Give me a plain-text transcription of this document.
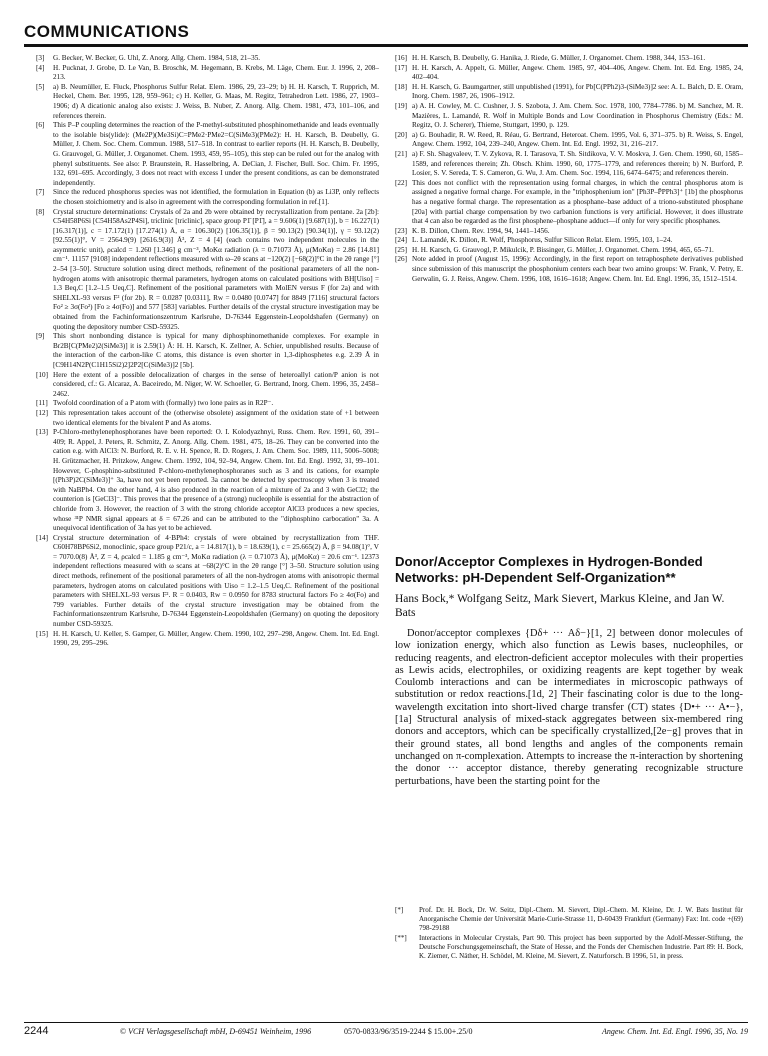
COMMUNICATIONS

[3] G. Becker, W. Becker, G. Uhl, Z. Anorg. Allg. Chem. 1984, 518, 21–35.

[4] H. Pucknat, J. Grobe, D. Le Van, B. Broschk, M. Hegemann, B. Krebs, M. Läge, Chem. Eur. J. 1996, 2, 208–213.

[5] a) B. Neumüller, E. Fluck, Phosphorus Sulfur Relat. Elem. 1986, 29, 23–29; b) H. H. Karsch, T. Rupprich, M. Heckel, Chem. Ber. 1995, 128, 959–961; c) H. Keller, G. Maas, M. Regitz, Tetrahedron Lett. 1986, 27, 1903–1906; d) A dicationic analog also exists: J. Weiss, B. Nuber, Z. Anorg. Allg. Chem. 1981, 473, 101–106, and references therein.

[6] This P–P coupling determines the reaction of the P-methyl-substituted phosphinomethanide and leads eventually to the isolable bis(ylide): (Me2P)(Me3Si)C=PMe2·PMe2=C(SiMe3)(PMe2): H. H. Karsch, B. Deubelly, G. Müller, J. Chem. Soc. Chem. Commun. 1988, 517–518. In contrast to earlier reports (H. H. Karsch, B. Deubelly, G. Grauvogel, G. Müller, J. Organomet. Chem. 1993, 459, 95–105), this step can be ruled out for the analog with phenyl substituents. See also: P. Braunstein, R. Hasselbring, A. DeCian, J. Fischer, Bull. Soc. Chim. Fr. 1995, 132, 691–695. Accordingly, 3 does not react with excess I under the present conditions, as can be demonstrated independently.

[7] Since the reduced phosphorus species was not identified, the formulation in Equation (b) as Li3P, only reflects the chosen stoichiometry and is also in agreement with the corresponding formulation in ref.[1].

[8] Crystal structure determinations: Crystals of 2a and 2b were obtained by recrystallization from pentane. 2a [2b]: C54H58P6Si [C54H58As2P4Si], triclinic [triclinic], space group P1̄ [P1̄], a = 9.606(1) [9.687(1)], b = 16.227(1) [16.317(1)], c = 17.172(1) [17.274(1) Å, α = 106.30(2) [106.35(1)], β = 90.13(2) [90.34(1)], γ = 93.12(2) [92.55(1)]°, V = 2564.9(9) [2616.9(3)] Å³, Z = 4 [4] (each contains two independent molecules in the asymmetric unit), ρcalcd = 1.260 [1.346] g cm⁻³, MoKα radiation (λ = 0.71073 Å), μ(MoKα) = 2.86 [14.81] cm⁻¹. 11157 [9108] independent reflections measured with ω–2θ scans at −120(2) [−68(2)]°C in the 2θ range [°] 2–54 [3–50]. Structure solution using direct methods, refinement of the positional parameters of all the non-hydrogen atoms with anisotropic thermal parameters, hydrogen atoms on calculated positions with BH[Uiso] = 1.3 Beq,C [1.2–1.5 Ueq,C]. Refinement of the positional parameters with MolEN versus F (for 2a) and with SHELXL-93 versus F² (for 2b). R = 0.0287 [0.0311], Rw = 0.0480 [0.0747] for 8849 [7116] structural factors Fo² ≥ 3σ(Fo²) [Fo ≥ 4σ(Fo)] and 577 [583] variables. Further details of the crystal structure investigation may be obtained from the Fachinformationszentrum Karlsruhe, D-76344 Eggenstein-Leopoldshafen (Germany) on quoting the depository number CSD-59325.

[9] This short nonbonding distance is typical for many diphosphinomethanide complexes. For example in Br2B[C(PMe2)2(SiMe3)] it is 2.59(1) Å: H. H. Karsch, K. Zellner, A. Schier, unpublished results. Because of the interaction of the carbon-like C atoms, this distance is even shorter in 1,3-diphosphetes e.g. 2.39 Å in [C9H14N2P(C1H15Si2)2]2P2[C(SiMe3)]2 [5b].

[10] Here the extent of a possible delocalization of charges in the sense of heteroallyl cation/P anion is not considered, cf.: G. Alcaraz, A. Baceiredo, M. Niger, W. W. Schoeller, G. Bertrand, Inorg. Chem. 1996, 35, 2458–2462.

[11] Twofold coordination of a P atom with (formally) two lone pairs as in R2P⁻.

[12] This representation takes account of the (otherwise obsolete) assignment of the oxidation state of +1 between two identical elements for the bivalent P and As atoms.

[13] P-Chloro-methylenephosphoranes have been reported: O. I. Kolodyazhnyi, Russ. Chem. Rev. 1991, 60, 391–409; R. Appel, J. Peters, R. Schmitz, Z. Anorg. Allg. Chem. 1981, 475, 18–26. They can be converted into the cation e.g. with AlCl3: N. Burford, R. E. v. H. Spence, R. D. Rogers, J. Am. Chem. Soc. 1989, 111, 5006–5008; H. Grützmacher, H. Pritzkow, Angew. Chem. 1992, 104, 92–94, Angew. Chem. Int. Ed. Engl. 1992, 31, 99–101. However, C-phosphino-substituted P-chloro-methylenephosphoranes such as 3 and its cations, for example [(Ph3P)2C(SiMe3)]⁺ 3a, have not yet been reported. 3a cannot be detected by spectroscopy when 3 is treated with NaBPh4. On the other hand, 4 is also produced in the reaction of a mixture of 2a and 3 with GeCl2; the counterion is [GeCl3]⁻. This proves that the presence of a (strong) nucleophile is essential for the abstraction of chloride from 3. However, the reaction of 3 with the strong chloride acceptor AlCl3 produces a new species, whose ³¹P NMR signal appears at δ = 67.26 and can be attributed to the "diphosphino carbocation" 3a. A unequivocal identification of 3a has yet to be achieved.

[14] Crystal structure determination of 4·BPh4: crystals of were obtained by recrystallization from THF. C60H78BP6Si2, monoclinic, space group P21/c, a = 14.817(1), b = 18.639(1), c = 25.665(2) Å, β = 94.08(1)°, V = 7070.0(8) Å³, Z = 4, ρcalcd = 1.185 g cm⁻³, MoKα radiation (λ = 0.71073 Å), μ(MoKα) = 20.6 cm⁻¹. 12373 independent reflections measured with ω scans at −68(2)°C in the 2θ range [°] 3–50. Structure solution using direct methods, refinement of the positional parameters of all the non-hydrogen atoms with anisotropic thermal parameters, hydrogen atoms on calculated positions with Uiso = 1.2–1.5 Ueq,C. Refinement of the positional parameters with SHELXL-93 versus F². R = 0.0403, Rw = 0.0950 for 8783 structural factors Fo ≥ 4σ(Fo) and 799 variables. Further details of the crystal structure investigation may be obtained from the Fachinformationszentrum Karlsruhe, D-76344 Eggenstein-Leopoldshafen (Germany) on quoting the depository number CSD-59325.

[15] H. H. Karsch, U. Keller, S. Gamper, G. Müller, Angew. Chem. 1990, 102, 297–298, Angew. Chem. Int. Ed. Engl. 1990, 29, 295–296.

[16] H. H. Karsch, B. Deubelly, G. Hanika, J. Riede, G. Müller, J. Organomet. Chem. 1988, 344, 153–161.

[17] H. H. Karsch, A. Appelt, G. Müller, Angew. Chem. 1985, 97, 404–406, Angew. Chem. Int. Ed. Eng. 1985, 24, 402–404.

[18] H. H. Karsch, G. Baumgartner, still unpublished (1991), for Pb[C(PPh2)3-(SiMe3)]2 see: A. L. Balch, D. E. Oram, Inorg. Chem. 1987, 26, 1906–1912.

[19] a) A. H. Cowley, M. C. Cushner, J. S. Szobota, J. Am. Chem. Soc. 1978, 100, 7784–7786. b) M. Sanchez, M. R. Mazières, L. Lamandé, R. Wolf in Multiple Bonds and Low Coordination in Phosphorus Chemistry (Eds.: M. Regitz, O. J. Scherer), Thieme, Stuttgart, 1990, p. 129.

[20] a) G. Bouhadir, R. W. Reed, R. Réau, G. Bertrand, Heteroat. Chem. 1995, Vol. 6, 371–375. b) R. Weiss, S. Engel, Angew. Chem. 1992, 104, 239–240, Angew. Chem. Int. Ed. Engl. 1992, 31, 216–217.

[21] a) F. Sh. Shagvaleev, T. V. Zykova, R. I. Tarasova, T. Sh. Sitdikova, V. V. Moskva, J. Gen. Chem. 1990, 60, 1585–1589, and references therein; Zh. Obsch. Khim. 1990, 60, 1775–1779, and references therein; b) N. Burford, P. Losier, S. V. Sereda, T. S. Cameron, G. Wu, J. Am. Chem. Soc. 1994, 116, 6474–6475; and references therein.

[22] This does not conflict with the representation using formal charges, in which the central phosphorus atom is assigned a negative formal charge. For example, in the "triphosphenium ion" [Ph3P–P̄PPh3]⁺ [1b] the phosphorus has a negative formal charge. The representation as a phosphane–base adduct of a triono-substituted phosphane [20a] with partial charge compensation by two carbanion functions is very artificial. However, it does illustrate that 4 can also be regarded as the first phosphene–phosphane adduct—if only for very specific phosphanes.

[23] K. B. Dillon, Chem. Rev. 1994, 94, 1441–1456.

[24] L. Lamandé, K. Dillon, R. Wolf, Phosphorus, Sulfur Silicon Relat. Elem. 1995, 103, 1–24.

[25] H. H. Karsch, G. Grauvogl, P. Mikulcik, P. Bissinger, G. Müller, J. Organomet. Chem. 1994, 465, 65–71.

[26] Note added in proof (August 15, 1996): Accordingly, in the first report on tetraphosphete derivatives published since submission of this manuscript the phosphonium centers each bear two amino groups: W. Frank, V. Petry, E. Gerwalin, G. J. Reiss, Angew. Chem. 1996, 108, 1616–1618; Angew. Chem. Int. Ed. Engl. 1996, 35, 1512–1514.

Donor/Acceptor Complexes in Hydrogen-Bonded Networks: pH-Dependent Self-Organization**
Hans Bock,* Wolfgang Seitz, Mark Sievert, Markus Kleine, and Jan W. Bats

Donor/acceptor complexes {Dδ+ ··· Aδ−}[1, 2] between donor molecules of low ionization energy, which also function as Lewis bases, nucleophiles, or reducing reagents, and electron-deficient acceptor molecules with their properties as Lewis acids, electrophiles, or oxidizing reagents are kept together by weak Coulomb interactions and can be intermediates in microscopic pathways of substitution or redox reactions.[1d, 2] Their fascinating color is due to the long-wavelength excitation into short-lived charge transfer (CT) states {D•+ ··· A•−},[1a] Structural analysis of mixed-stack aggregates between six-membered ring donors and acceptors, which can be specifically crystallized,[2e−g] proves that in their ground states, all bond lengths and angles of the components remain unchanged on π-complexation. Attempts to increase the π-interaction by shortening the donor ··· acceptor distance, thereby generating recognizable structure perturbations, have been the starting point for the

[*] Prof. Dr. H. Bock, Dr. W. Seitz, Dipl.-Chem. M. Sievert, Dipl.-Chem. M. Kleine, Dr. J. W. Bats Institut für Anorganische Chemie der Universität Marie-Curie-Strasse 11, D-60439 Frankfurt (Germany) Fax: Int. code +(69) 798-29188

[**] Interactions in Molecular Crystals, Part 90. This project has been supported by the Adolf-Messer-Stiftung, the Deutsche Forschungsgemeinschaft, the State of Hesse, and the Fonds der Chemischen Industrie. Part 89: H. Bock, K. Ziemer, C. Näther, H. Schödel, M. Kleine, M. Sievert, Z. Naturforsch. B 1996, 51, in press.

2244	© VCH Verlagsgesellschaft mbH, D-69451 Weinheim, 1996	0570-0833/96/3519-2244 $ 15.00+.25/0	Angew. Chem. Int. Ed. Engl. 1996, 35, No. 19
